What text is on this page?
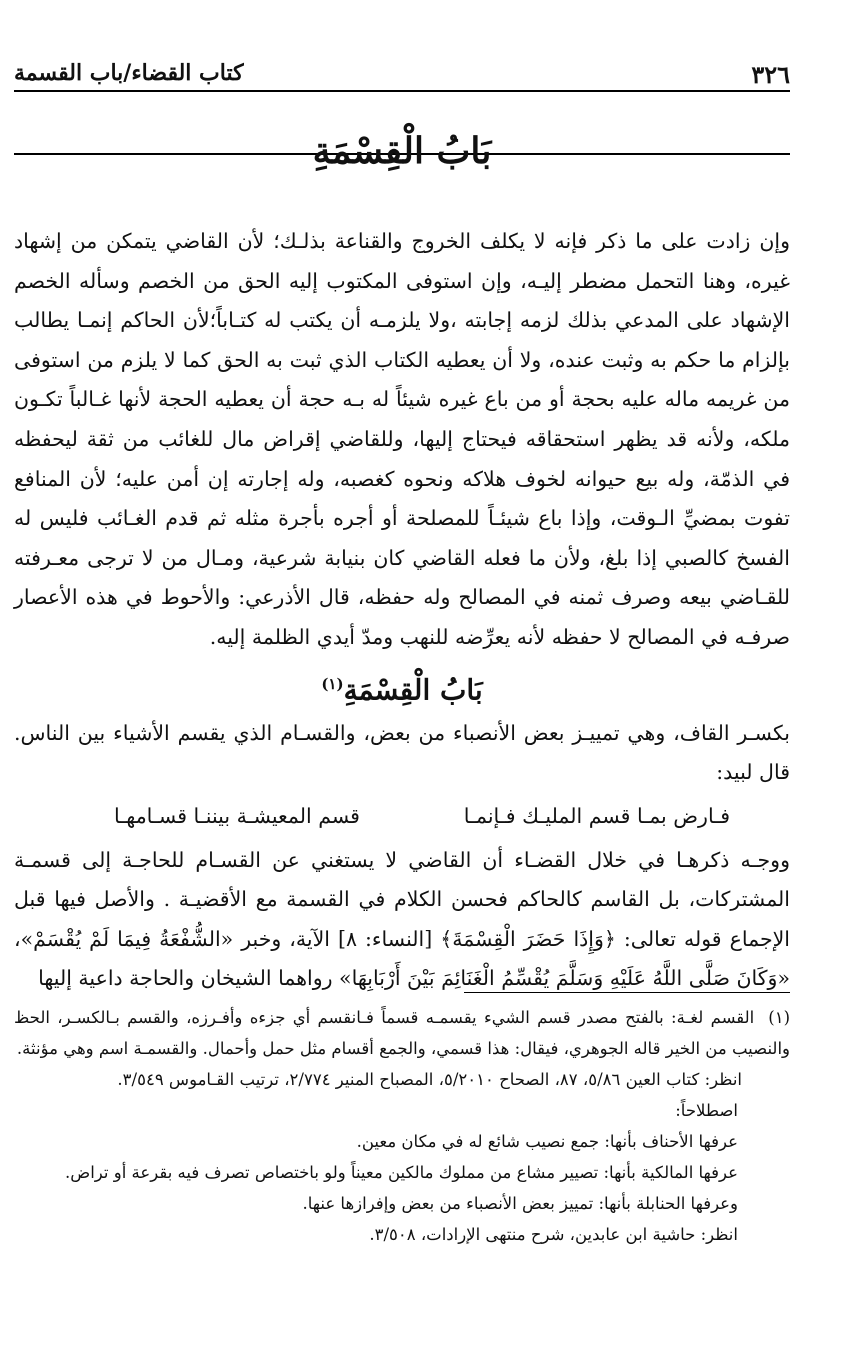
٣٢٦
كتاب القضاء/باب القسمة
بَابُ الْقِسْمَةِ

وإن زادت على ما ذكر فإنه لا يكلف الخروج والقناعة بذلـك؛ لأن القاضي يتمكن من إشهاد غيره، وهنا التحمل مضطر إليـه، وإن استوفى المكتوب إليه الحق من الخصم وسأله الخصم الإشهاد على المدعي بذلك لزمه إجابته ،ولا يلزمـه أن يكتب له كتـاباً؛لأن الحاكم إنمـا يطالب بإلزام ما حكم به وثبت عنده، ولا أن يعطيه الكتاب الذي ثبت به الحق كما لا يلزم من استوفى من غريمه ماله عليه بحجة أو من باع غيره شيئاً له بـه حجة أن يعطيه الحجة لأنها غـالباً تكـون ملكه، ولأنه قد يظهر استحقاقه فيحتاج إليها، وللقاضي إقراض مال للغائب من ثقة ليحفظه في الذمّة، وله بيع حيوانه لخوف هلاكه ونحوه كغصبه، وله إجارته إن أمن عليه؛ لأن المنافع تفوت بمضيِّ الـوقت، وإذا باع شيئـاً للمصلحة أو أجره بأجرة مثله ثم قدم الغـائب فليس له الفسخ كالصبي إذا بلغ، ولأن ما فعله القاضي كان بنيابة شرعية، ومـال من لا ترجى معـرفته للقـاضي بيعه وصرف ثمنه في المصالح وله حفظه، قال الأذرعي: والأحوط في هذه الأعصار صرفـه في المصالح لا حفظه لأنه يعرِّضه للنهب ومدّ أيدي الظلمة إليه.

بَابُ الْقِسْمَةِ$^{(١)}$

بكسـر القاف، وهي تمييـز بعض الأنصباء من بعض، والقسـام الذي يقسم الأشياء بين الناس. قال لبيد:

فـارض بمـا قسم المليـك فـإنمـا
قسم المعيشـة بيننـا قسـامهـا

ووجـه ذكرهـا في خلال القضـاء أن القاضي لا يستغني عن القسـام للحاجـة إلى قسمـة المشتركات، بل القاسم كالحاكم فحسن الكلام في القسمة مع الأقضيـة . والأصل فيها قبل الإجماع قوله تعالى: ﴿وَإِذَا حَضَرَ الْقِسْمَةَ﴾ [النساء: ٨] الآية، وخبر «الشُّفْعَةُ فِيمَا لَمْ يُقْسَمْ»، «وَكَانَ صَلَّى اللَّهُ عَلَيْهِ وَسَلَّمَ يُقْسِّمُ الْغَنَائِمَ بَيْنَ أَرْبَابِهَا» رواهما الشيخان والحاجة داعية إليها

(١)القسم لغـة: بالفتح مصدر قسم الشيء يقسمـه قسماً فـانقسم أي جزءه وأفـرزه، والقسم بـالكسـر، الحظ والنصيب من الخير قاله الجوهري، فيقال: هذا قسمي، والجمع أقسام مثل حمل وأحمال. والقسمـة اسم وهي مؤنثة.

انظر: كتاب العين ٥/٨٦، ٨٧، الصحاح ٥/٢٠١٠، المصباح المنير ٢/٧٧٤، ترتيب القـاموس ٣/٥٤٩.

اصطلاحاً:

عرفها الأحناف بأنها: جمع نصيب شائع له في مكان معين.

عرفها المالكية بأنها: تصيير مشاع من مملوك مالكين معيناً ولو باختصاص تصرف فيه بقرعة أو تراض.

وعرفها الحنابلة بأنها: تمييز بعض الأنصباء من بعض وإفرازها عنها.

انظر: حاشية ابن عابدين، شرح منتهى الإرادات، ٣/٥٠٨.
